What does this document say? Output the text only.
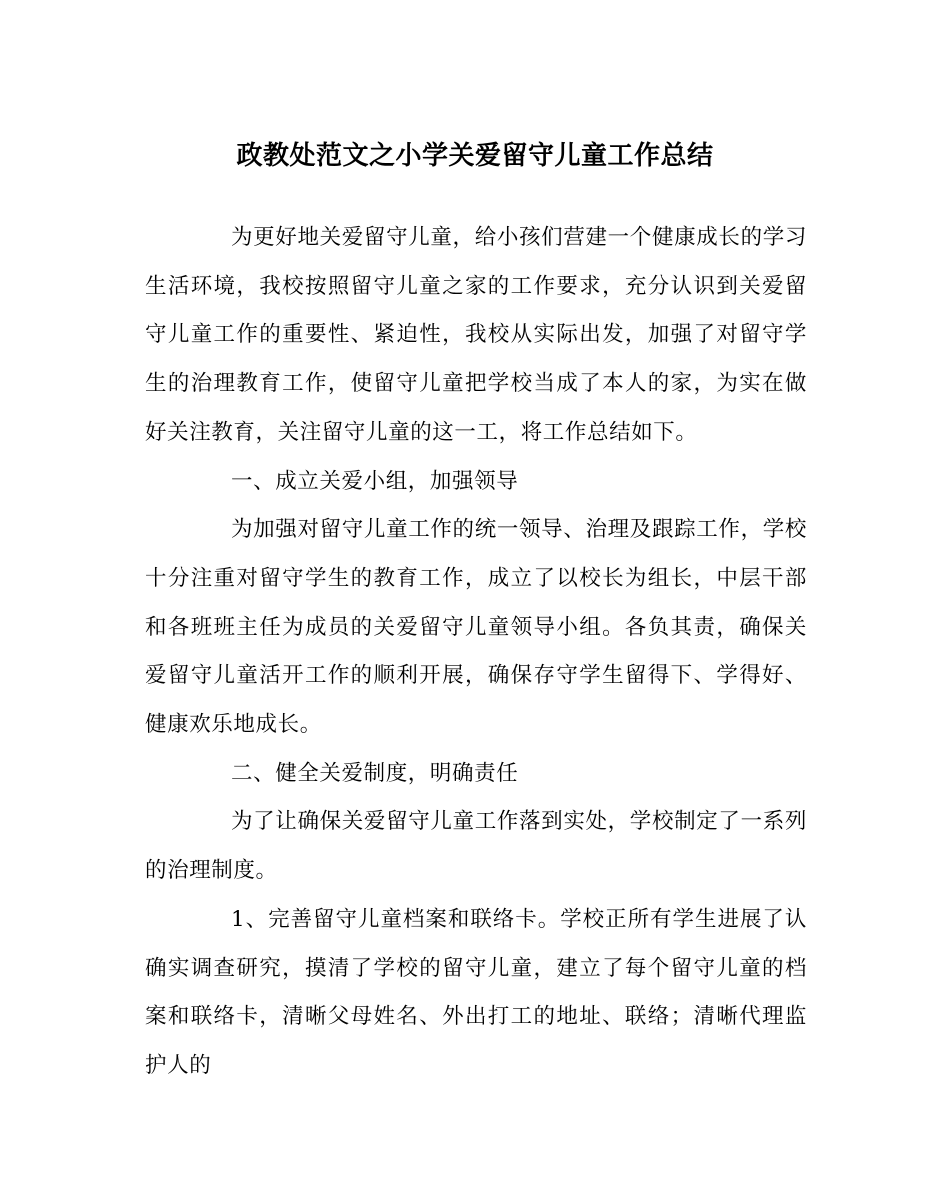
政教处范文之小学关爱留守儿童工作总结

为更好地关爱留守儿童，给小孩们营建一个健康成长的学习生活环境，我校按照留守儿童之家的工作要求，充分认识到关爱留守儿童工作的重要性、紧迫性，我校从实际出发，加强了对留守学生的治理教育工作，使留守儿童把学校当成了本人的家，为实在做好关注教育，关注留守儿童的这一工，将工作总结如下。

一、成立关爱小组，加强领导

为加强对留守儿童工作的统一领导、治理及跟踪工作，学校十分注重对留守学生的教育工作，成立了以校长为组长，中层干部和各班班主任为成员的关爱留守儿童领导小组。各负其责，确保关爱留守儿童活开工作的顺利开展，确保存守学生留得下、学得好、健康欢乐地成长。

二、健全关爱制度，明确责任

为了让确保关爱留守儿童工作落到实处，学校制定了一系列的治理制度。

1、完善留守儿童档案和联络卡。学校正所有学生进展了认确实调查研究，摸清了学校的留守儿童，建立了每个留守儿童的档案和联络卡，清晰父母姓名、外出打工的地址、联络；清晰代理监护人的
